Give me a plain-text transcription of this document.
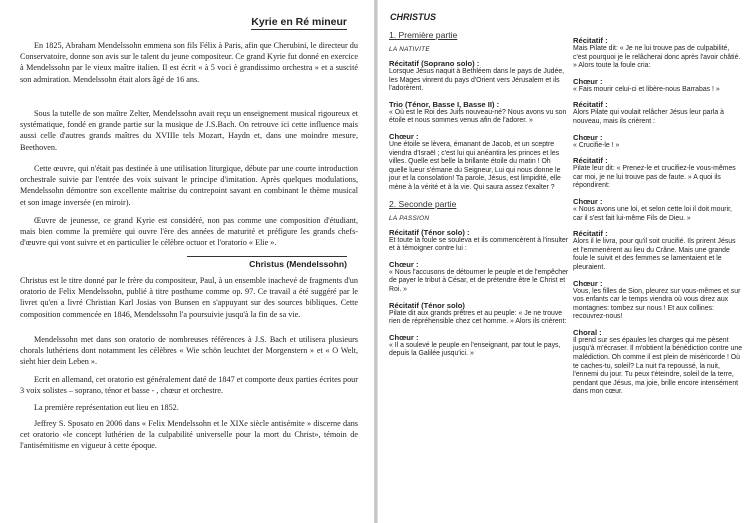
Kyrie en Ré mineur

En 1825, Abraham Mendelssohn emmena son fils Félix à Paris, afin que Cherubini, le directeur du Conservatoire, donne son avis sur le talent du jeune compositeur. Ce grand Kyrie fut donné en exercice à Mendelssohn par le vieux maître italien. Il est écrit « à 5 voci è grandissimo orchestra » et a suscité son admiration. Mendelssohn était alors âgé de 16 ans.

Sous la tutelle de son maître Zelter, Mendelssohn avait reçu un enseignement musical rigoureux et systématique, fondé en grande partie sur la musique de J.S.Bach. On retrouve ici cette influence mais aussi celle d'autres grands maîtres du XVIIIe tels Mozart, Haydn et, dans une moindre mesure, Beethoven.

Cette œuvre, qui n'était pas destinée à une utilisation liturgique, débute par une courte introduction orchestrale suivie par l'entrée des voix suivant le principe d'imitation. Après quelques modulations, Mendelssohn démontre son excellente maîtrise du contrepoint savant en combinant le thème musical et son image inversée (en miroir).

Œuvre de jeunesse, ce grand Kyrie est considéré, non pas comme une composition d'étudiant, mais bien comme la première qui ouvre l'ère des années de maturité et préfigure les grands chefs-d'œuvre qui vont suivre et en particulier le célèbre octuor et l'oratorio « Elie ».

Christus (Mendelssohn)

Christus est le titre donné par le frère du compositeur, Paul, à un ensemble inachevé de fragments d'un oratorio de Felix Mendelssohn, publié à titre posthume comme op. 97. Ce travail a été suggéré par le livret qu'en a livré Christian Karl Josias von Bunsen en s'appuyant sur des sources bibliques. Cette composition commencée en 1846, Mendelssohn l'a poursuivie jusqu'à la fin de sa vie.

Mendelssohn met dans son oratorio de nombreuses références à J.S. Bach et utilisera plusieurs chorals luthériens dont notamment les célèbres « Wie schön leuchtet der Morgenstern » et « O Welt, sieht hier dein Leben ».

Ecrit en allemand, cet oratorio est généralement daté de 1847 et comporte deux parties écrites pour 3 voix solistes – soprano, ténor et basse - , chœur et orchestre.

La première représentation eut lieu en 1852.

Jeffrey S. Sposato en 2006 dans « Felix Mendelssohn et le XIXe siècle antisémite » discerne dans cet oratorio «le concept luthérien de la culpabilité universelle pour la mort du Christ», témoin de l'antisémitisme en vigueur à cette époque.

CHRISTUS

1. Première partie

LA NATIVITE

Récitatif (Soprano solo) :

Lorsque Jésus naquit à Bethléem dans le pays de Judée, les Mages vinrent du pays d'Orient vers Jérusalem et ils l'adorèrent.

Trio (Ténor, Basse I, Basse II) :

« Où est le Roi des Juifs nouveau-né? Nous avons vu son étoile et nous sommes venus afin de l'adorer. »

Chœur :

Une étoile se lèvera, émanant de Jacob, et un sceptre viendra d'Israël ; c'est lui qui anéantira les princes et les villes. Quelle est belle la brillante étoile du matin ! Oh quelle lueur s'émane du Seigneur, Lui qui nous donne le jour et la consolation! Ta parole, Jésus, est limpidité, elle mène à la vérité et à la vie. Qui saura assez t'exalter ?

2. Seconde partie

LA PASSION

Récitatif (Ténor solo) :

Et toute la foule se souleva et ils commencèrent à l'insulter et à témoigner contre lui :

Chœur :

« Nous l'accusons de détourner le peuple et de l'empêcher de payer le tribut à César, et de prétendre être le Christ et Roi. »

Récitatif (Ténor solo)

Pilate dit aux grands prêtres et au peuple: « Je ne trouve rien de répréhensible chez cet homme. » Alors ils crièrent:

Chœur :

« Il a soulevé le peuple en l'enseignant, par tout le pays, depuis la Galilée jusqu'ici. »

Récitatif :

Mais Pilate dit: « Je ne lui trouve pas de culpabilité, c'est pourquoi je le relâcherai donc après l'avoir châtié. » Alors toute la foule cria:

Chœur :

« Fais mourir celui-ci et libère-nous Barrabas ! »

Récitatif :

Alors Pilate qui voulait relâcher Jésus leur parla à nouveau, mais ils crièrent :

Chœur :

« Crucifie-le ! »

Récitatif :

Pilate leur dit: « Prenez-le et crucifiez-le vous-mêmes car moi, je ne lui trouve pas de faute. » A quoi ils répondirent:

Chœur :

« Nous avons une loi, et selon cette loi il doit mourir, car il s'est fait lui-même Fils de Dieu. »

Récitatif :

Alors il le livra, pour qu'il soit crucifié. Ils prirent Jésus et l'emmenèrent au lieu du Crâne. Mais une grande foule le suivit et des femmes se lamentaient et le pleuraient.

Chœur :

Vous, les filles de Sion, pleurez sur vous-mêmes et sur vos enfants car le temps viendra où vous direz aux montagnes: tombez sur nous ! Et aux collines: recouvrez-nous!

Choral :

Il prend sur ses épaules les charges qui me pèsent jusqu'à m'écraser. Il m'obtient la bénédiction contre une malédiction. Oh comme il est plein de miséricorde ! Où te caches-tu, soleil? La nuit t'a repoussé, la nuit, l'ennemi du jour. Tu peux t'éteindre, soleil de la terre, pendant que Jésus, ma joie, brille encore intensément dans mon cœur.
